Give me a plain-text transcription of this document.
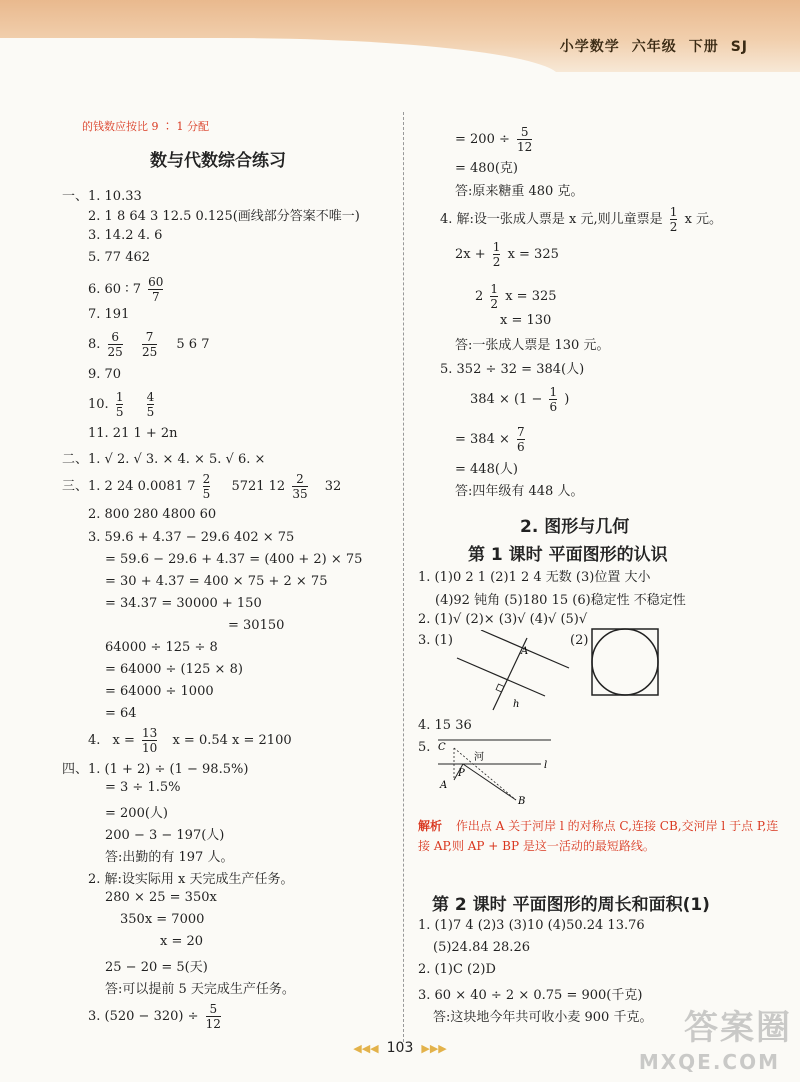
小学数学 六年级 下册 SJ
的钱数应按比 9 ∶ 1 分配
数与代数综合练习
一、1. 10.33
2. 1 8 64 3 12.5 0.125(画线部分答案不唯一)
3. 14.2 4. 6
5. 77 462
6. 60 ∶ $7 \frac{60}{7}$
7. 191
8. $\frac{6}{25}$
$\frac{7}{25} 5$ 6 7
9. 70
10. $\frac{1}{5}$
$\frac{4}{5}$
11. 21 1 + 2n
二、1. √ 2. √ 3. × 4. × 5. √ 6. ×
三、1. 2 24 0.0081 $7 \frac{2}{5} 5721$ $12 \frac{2}{35} 32$
2. 800 280 4800 60
3. 59.6 + 4.37 − 29.6 402 × 75
= 59.6 − 29.6 + 4.37 = (400 + 2) × 75
= 30 + 4.37 = 400 × 75 + 2 × 75
= 34.37 = 30000 + 150
= 30150
64000 ÷ 125 ÷ 8
= 64000 ÷ (125 × 8)
= 64000 ÷ 1000
= 64
4. $x = \frac{13}{10}$ x = 0.54 x = 2100
四、1. (1 + 2) ÷ (1 − 98.5%)
= 3 ÷ 1.5%
= 200(人)
200 − 3 − 197(人)
答:出勤的有 197 人。
2. 解:设实际用 x 天完成生产任务。
280 × 25 = 350x
350x = 7000
x = 20
25 − 20 = 5(天)
答:可以提前 5 天完成生产任务。
3. $(520 - 320) \div \frac{5}{12}$
= $200 \div \frac{5}{12}$
= 480(克)
答:原来糖重 480 克。
4. 解:设一张成人票是 x 元,则儿童票是 $\frac{1}{2}$ x 元。
$2x + \frac{1}{2}$ x = 325
$2 \frac{1}{2}$ x = 325
x = 130
答:一张成人票是 130 元。
5. 352 ÷ 32 = 384(人)
$384 \times (1 - \frac{1}{6}$ )
= $384 \times \frac{7}{6}$
= 448(人)
答:四年级有 448 人。
2. 图形与几何
第 1 课时 平面图形的认识
1. (1)0 2 1 (2)1 2 4 无数 (3)位置 大小
(4)92 钝角 (5)180 15 (6)稳定性 不稳定性
2. (1)√ (2)× (3)√ (4)√ (5)√
3. (1)	(2)
A
h
4. 15 36
5. C
P
A
B
河
l
解析 作出点 A 关于河岸 l 的对称点 C,连接 CB,交河岸 l 于点 P,连接 AP,则 AP + BP 是这一活动的最短路线。
第 2 课时 平面图形的周长和面积(1)
1. (1)7 4 (2)3 (3)10 (4)50.24 13.76
(5)24.84 28.26
2. (1)C (2)D
3. 60 × 40 ÷ 2 × 0.75 = 900(千克)
答:这块地今年共可收小麦 900 千克。
◀◀◀ 103 ▶▶▶
答案圈
MXQE.COM
